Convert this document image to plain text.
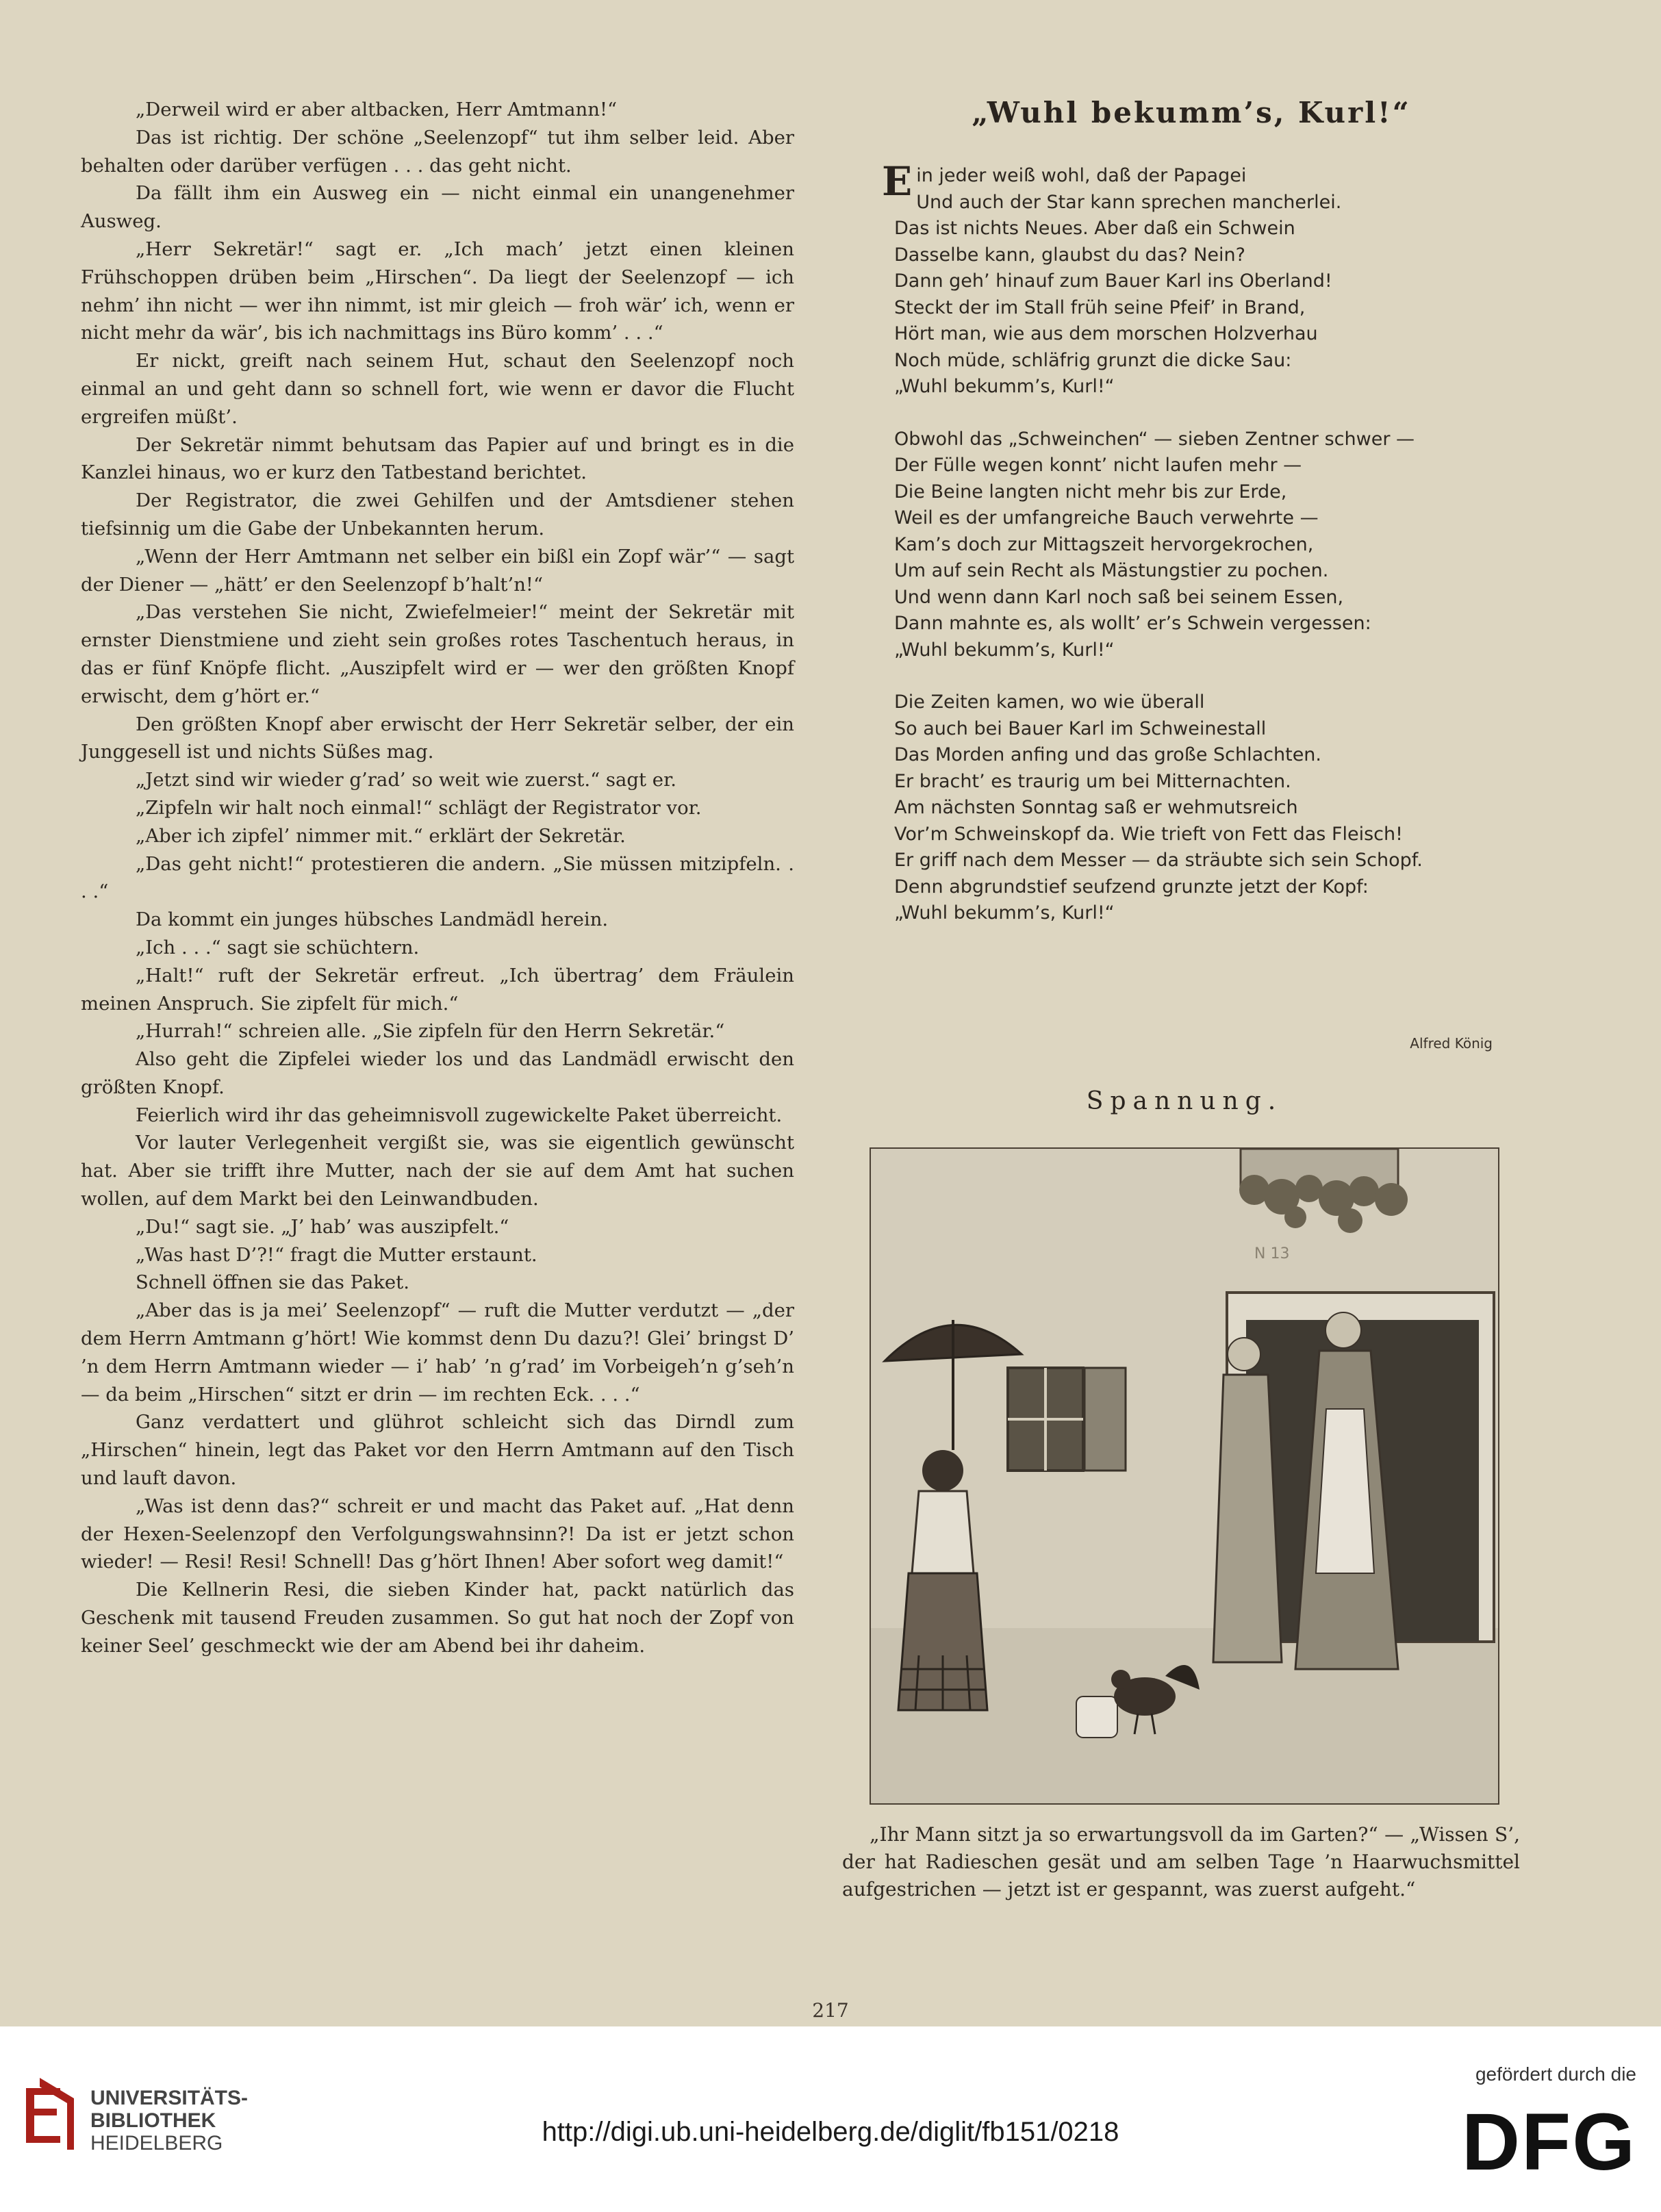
„Derweil wird er aber altbacken, Herr Amtmann!“

Das ist richtig. Der schöne „Seelenzopf“ tut ihm selber leid. Aber behalten oder darüber verfügen . . . das geht nicht.

Da fällt ihm ein Ausweg ein — nicht einmal ein unangenehmer Ausweg.

„Herr Sekretär!“ sagt er. „Ich mach’ jetzt einen kleinen Frühschoppen drüben beim „Hirschen“. Da liegt der Seelenzopf — ich nehm’ ihn nicht — wer ihn nimmt, ist mir gleich — froh wär’ ich, wenn er nicht mehr da wär’, bis ich nachmittags ins Büro komm’ . . .“

Er nickt, greift nach seinem Hut, schaut den Seelenzopf noch einmal an und geht dann so schnell fort, wie wenn er davor die Flucht ergreifen müßt’.

Der Sekretär nimmt behutsam das Papier auf und bringt es in die Kanzlei hinaus, wo er kurz den Tatbestand berichtet.

Der Registrator, die zwei Gehilfen und der Amtsdiener stehen tiefsinnig um die Gabe der Unbekannten herum.

„Wenn der Herr Amtmann net selber ein bißl ein Zopf wär’“ — sagt der Diener — „hätt’ er den Seelenzopf b’halt’n!“

„Das verstehen Sie nicht, Zwiefelmeier!“ meint der Sekretär mit ernster Dienstmiene und zieht sein großes rotes Taschentuch heraus, in das er fünf Knöpfe flicht. „Auszipfelt wird er — wer den größten Knopf erwischt, dem g’hört er.“

Den größten Knopf aber erwischt der Herr Sekretär selber, der ein Junggesell ist und nichts Süßes mag.

„Jetzt sind wir wieder g’rad’ so weit wie zuerst.“ sagt er.

„Zipfeln wir halt noch einmal!“ schlägt der Registrator vor.

„Aber ich zipfel’ nimmer mit.“ erklärt der Sekretär.

„Das geht nicht!“ protestieren die andern. „Sie müssen mitzipfeln. . . .“

Da kommt ein junges hübsches Landmädl herein.

„Ich . . .“ sagt sie schüchtern.

„Halt!“ ruft der Sekretär erfreut. „Ich übertrag’ dem Fräulein meinen Anspruch. Sie zipfelt für mich.“

„Hurrah!“ schreien alle. „Sie zipfeln für den Herrn Sekretär.“

Also geht die Zipfelei wieder los und das Landmädl erwischt den größten Knopf.

Feierlich wird ihr das geheimnisvoll zugewickelte Paket überreicht.

Vor lauter Verlegenheit vergißt sie, was sie eigentlich gewünscht hat. Aber sie trifft ihre Mutter, nach der sie auf dem Amt hat suchen wollen, auf dem Markt bei den Leinwandbuden.

„Du!“ sagt sie. „J’ hab’ was auszipfelt.“

„Was hast D’?!“ fragt die Mutter erstaunt.

Schnell öffnen sie das Paket.

„Aber das is ja mei’ Seelenzopf“ — ruft die Mutter verdutzt — „der dem Herrn Amtmann g’hört! Wie kommst denn Du dazu?! Glei’ bringst D’ ’n dem Herrn Amtmann wieder — i’ hab’ ’n g’rad’ im Vorbeigeh’n g’seh’n — da beim „Hirschen“ sitzt er drin — im rechten Eck. . . .“

Ganz verdattert und glührot schleicht sich das Dirndl zum „Hirschen“ hinein, legt das Paket vor den Herrn Amtmann auf den Tisch und lauft davon.

„Was ist denn das?“ schreit er und macht das Paket auf. „Hat denn der Hexen-Seelenzopf den Verfolgungswahnsinn?! Da ist er jetzt schon wieder! — Resi! Resi! Schnell! Das g’hört Ihnen! Aber sofort weg damit!“

Die Kellnerin Resi, die sieben Kinder hat, packt natürlich das Geschenk mit tausend Freuden zusammen. So gut hat noch der Zopf von keiner Seel’ geschmeckt wie der am Abend bei ihr daheim.

„Wuhl bekumm’s, Kurl!“
Ein jeder weiß wohl, daß der Papagei
Und auch der Star kann sprechen mancherlei.
Das ist nichts Neues. Aber daß ein Schwein
Dasselbe kann, glaubst du das? Nein?
Dann geh’ hinauf zum Bauer Karl ins Oberland!
Steckt der im Stall früh seine Pfeif’ in Brand,
Hört man, wie aus dem morschen Holzverhau
Noch müde, schläfrig grunzt die dicke Sau:
„Wuhl bekumm’s, Kurl!“
Obwohl das „Schweinchen“ — sieben Zentner schwer —
Der Fülle wegen konnt’ nicht laufen mehr —
Die Beine langten nicht mehr bis zur Erde,
Weil es der umfangreiche Bauch verwehrte —
Kam’s doch zur Mittagszeit hervorgekrochen,
Um auf sein Recht als Mästungstier zu pochen.
Und wenn dann Karl noch saß bei seinem Essen,
Dann mahnte es, als wollt’ er’s Schwein vergessen:
„Wuhl bekumm’s, Kurl!“
Die Zeiten kamen, wo wie überall
So auch bei Bauer Karl im Schweinestall
Das Morden anfing und das große Schlachten.
Er bracht’ es traurig um bei Mitternachten.
Am nächsten Sonntag saß er wehmutsreich
Vor’m Schweinskopf da. Wie trieft von Fett das Fleisch!
Er griff nach dem Messer — da sträubte sich sein Schopf.
Denn abgrundstief seufzend grunzte jetzt der Kopf:
„Wuhl bekumm’s, Kurl!“
Alfred König
Spannung.
N 13

„Ihr Mann sitzt ja so erwartungsvoll da im Garten?“ — „Wissen S’, der hat Radieschen gesät und am selben Tage ’n Haarwuchsmittel aufgestrichen — jetzt ist er gespannt, was zuerst aufgeht.“

217
UNIVERSITÄTS-
BIBLIOTHEK
HEIDELBERG	http://digi.ub.uni-heidelberg.de/diglit/fb151/0218
gefördert durch die
DFG
